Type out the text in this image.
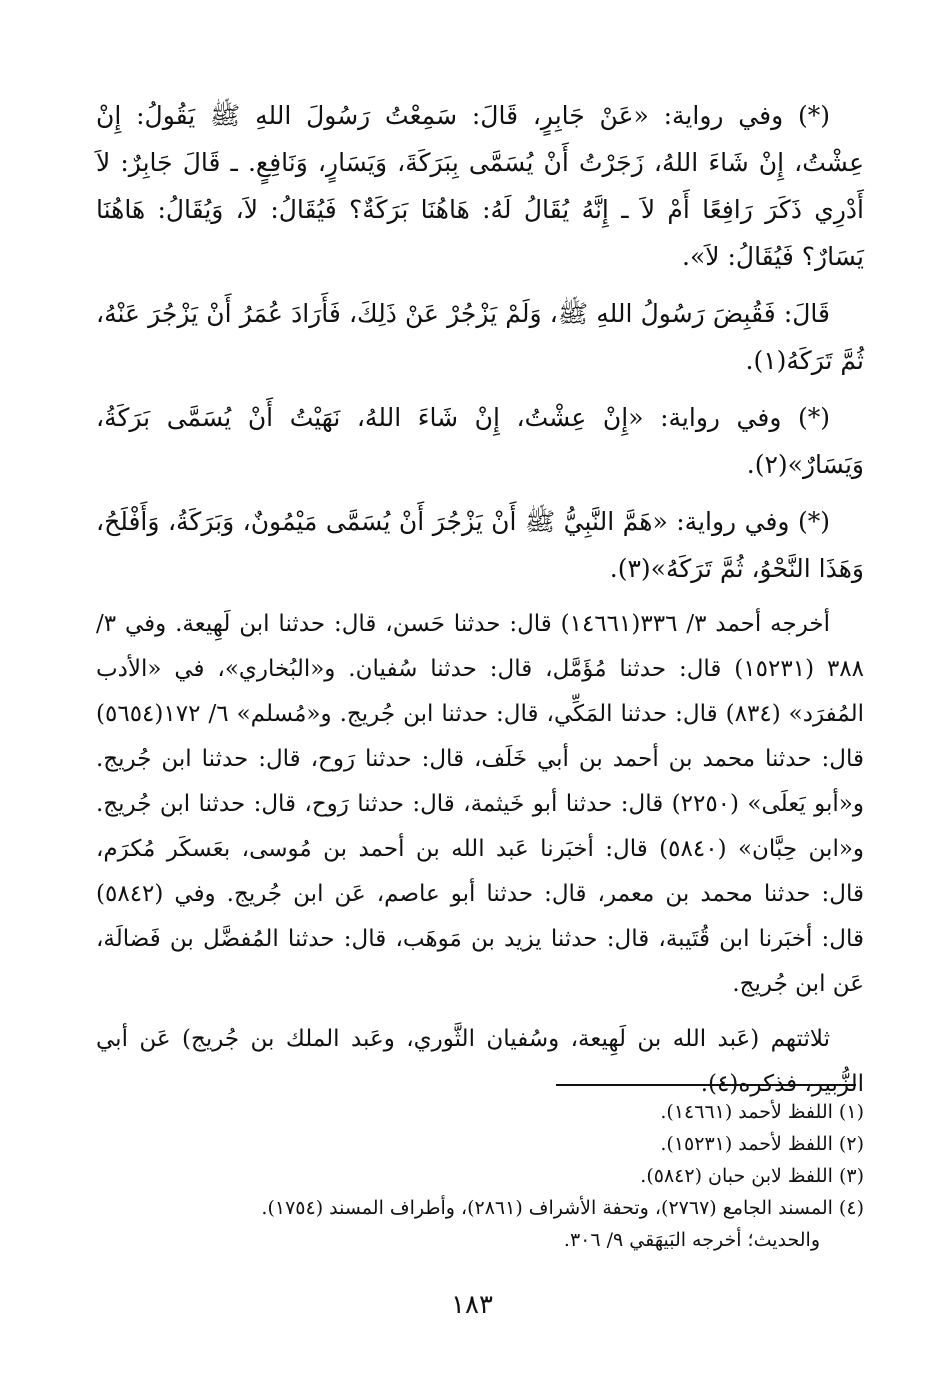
(*) وفي رواية: «عَنْ جَابِرٍ، قَالَ: سَمِعْتُ رَسُولَ اللهِ ﷺ يَقُولُ: إِنْ عِشْتُ، إِنْ شَاءَ اللهُ، زَجَرْتُ أَنْ يُسَمَّى بِبَرَكَةَ، وَيَسَارٍ، وَنَافِعٍ. ـ قَالَ جَابِرٌ: لاَ أَدْرِي ذَكَرَ رَافِعًا أَمْ لاَ ـ إِنَّهُ يُقَالُ لَهُ: هَاهُنَا بَرَكَةٌ؟ فَيُقَالُ: لاَ، وَيُقَالُ: هَاهُنَا يَسَارٌ؟ فَيُقَالُ: لاَ».

قَالَ: فَقُبِضَ رَسُولُ اللهِ ﷺ، وَلَمْ يَزْجُرْ عَنْ ذَلِكَ، فَأَرَادَ عُمَرُ أَنْ يَزْجُرَ عَنْهُ، ثُمَّ تَرَكَهُ(١).

(*) وفي رواية: «إِنْ عِشْتُ، إِنْ شَاءَ اللهُ، نَهَيْتُ أَنْ يُسَمَّى بَرَكَةُ، وَيَسَارٌ»(٢).

(*) وفي رواية: «هَمَّ النَّبِيُّ ﷺ أَنْ يَزْجُرَ أَنْ يُسَمَّى مَيْمُونٌ، وَبَرَكَةُ، وَأَفْلَحُ، وَهَذَا النَّحْوُ، ثُمَّ تَرَكَهُ»(٣).

أخرجه أحمد ٣/ ٣٣٦(١٤٦٦١) قال: حدثنا حَسن، قال: حدثنا ابن لَهِيعة. وفي ٣/ ٣٨٨ (١٥٢٣١) قال: حدثنا مُؤَمَّل، قال: حدثنا سُفيان. و«البُخاري»، في «الأدب المُفرَد» (٨٣٤) قال: حدثنا المَكِّي، قال: حدثنا ابن جُريج. و«مُسلم» ٦/ ١٧٢(٥٦٥٤) قال: حدثنا محمد بن أحمد بن أبي خَلَف، قال: حدثنا رَوح، قال: حدثنا ابن جُريج. و«أبو يَعلَى» (٢٢٥٠) قال: حدثنا أبو خَيثمة، قال: حدثنا رَوح، قال: حدثنا ابن جُريج. و«ابن حِبَّان» (٥٨٤٠) قال: أخبَرنا عَبد الله بن أحمد بن مُوسى، بعَسكَر مُكرَم، قال: حدثنا محمد بن معمر، قال: حدثنا أبو عاصم، عَن ابن جُريج. وفي (٥٨٤٢) قال: أخبَرنا ابن قُتَيبة، قال: حدثنا يزيد بن مَوهَب، قال: حدثنا المُفضَّل بن فَضالَة، عَن ابن جُريج.

ثلاثتهم (عَبد الله بن لَهِيعة، وسُفيان الثَّوري، وعَبد الملك بن جُريج) عَن أبي الزُّبير، فذكره(٤).

(١) اللفظ لأحمد (١٤٦٦١).

(٢) اللفظ لأحمد (١٥٢٣١).

(٣) اللفظ لابن حبان (٥٨٤٢).

(٤) المسند الجامع (٢٧٦٧)، وتحفة الأشراف (٢٨٦١)، وأطراف المسند (١٧٥٤).

والحديث؛ أخرجه البَيهَقي ٩/ ٣٠٦.

١٨٣
